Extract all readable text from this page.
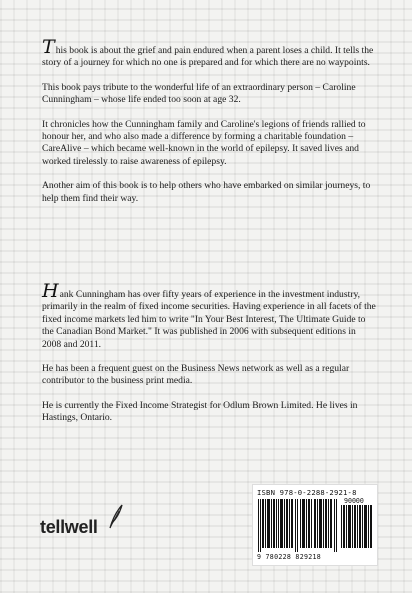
This book is about the grief and pain endured when a parent loses a child. It tells the story of a journey for which no one is prepared and for which there are no waypoints.

This book pays tribute to the wonderful life of an extraordinary person – Caroline Cunningham – whose life ended too soon at age 32.

It chronicles how the Cunningham family and Caroline's legions of friends rallied to honour her, and who also made a difference by forming a charitable foundation – CareAlive – which became well-known in the world of epilepsy. It saved lives and worked tirelessly to raise awareness of epilepsy.

Another aim of this book is to help others who have embarked on similar journeys, to help them find their way.

Hank Cunningham has over fifty years of experience in the investment industry, primarily in the realm of fixed income securities. Having experience in all facets of the fixed income markets led him to write "In Your Best Interest, The Ultimate Guide to the Canadian Bond Market." It was published in 2006 with subsequent editions in 2008 and 2011.

He has been a frequent guest on the Business News network as well as a regular contributor to the business print media.

He is currently the Fixed Income Strategist for Odlum Brown Limited. He lives in Hastings, Ontario.

tellwell
ISBN 978-0-2288-2921-8
90000
9 780228 829218
